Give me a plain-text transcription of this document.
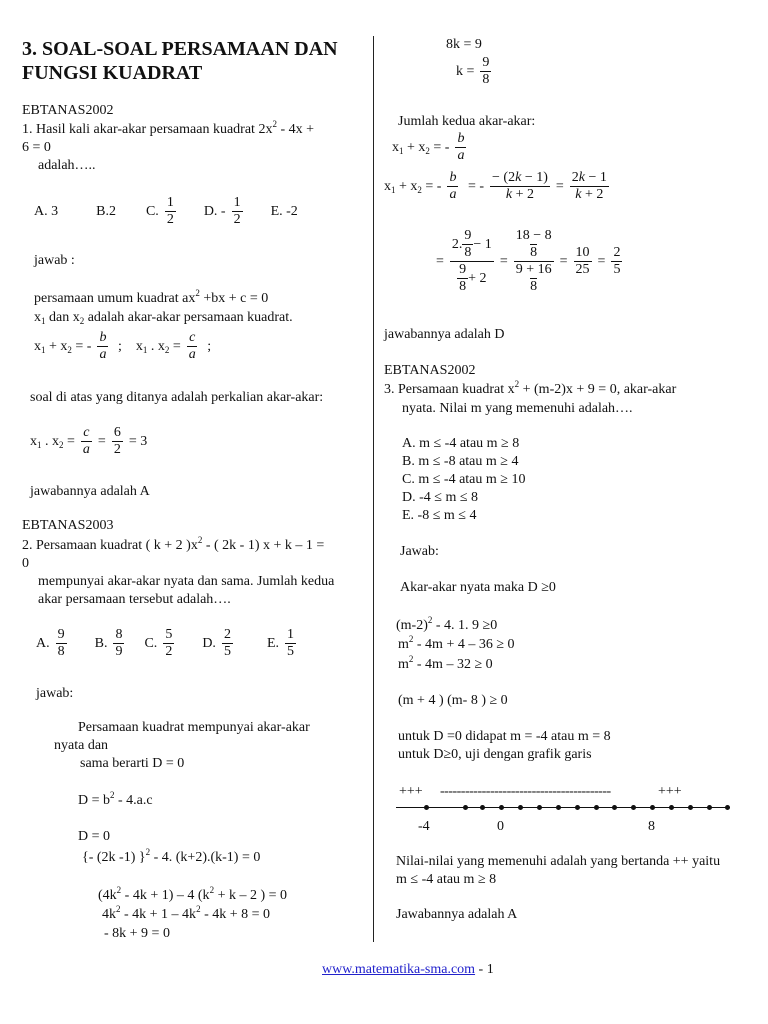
3. SOAL-SOAL PERSAMAAN DAN FUNGSI KUADRAT
EBTANAS2002
1. Hasil kali akar-akar persamaan kuadrat $2x^2 - 4x$ +
6 = 0
adalah…..
A. 3	B.2 C. $\frac{1}{2} D$. - $\frac{1}{2} E$. -2
jawab :
persamaan umum kuadrat $ax^2 +bx + c = 0$
$x_1$ dan $x_2$ adalah akar-akar persamaan kuadrat.
$x_1 + x_2$ = - $\frac{b}{a}$ ;    $x_1$ . $x_2 = \frac{c}{a}$ ;
soal di atas yang ditanya adalah perkalian akar-akar:
$x_1$ . $x_2 = \frac{c}{a} = \frac{6}{2} = 3$
jawabannya adalah A
EBTANAS2003
2. Persamaan kuadrat ( k + 2 )$x^2$ - ( 2k - 1) x + k – 1 =
0
mempunyai akar-akar nyata dan sama. Jumlah kedua
akar persamaan tersebut adalah….
A. $\frac{9}{8} B$. $\frac{8}{9} C$. $\frac{5}{2} D$. $\frac{2}{5} E$. $\frac{1}{5}$
jawab:
Persamaan kuadrat mempunyai akar-akar
nyata dan
sama berarti D = 0
$D = b^2 - 4.a.c$
D = 0
{- (2k -1) }$^2$ - 4. (k+2).(k-1) = 0
$(4k^2 - 4k + 1) - 4$ ($k^2 + k - 2$ ) = 0
$4k^2 - 4k + 1 - 4k^2 - 4k + 8 = 0$
- 8k + 9 = 0
8k = 9
$k = \frac{9}{8}$
Jumlah kedua akar-akar:
$x_1 + x_2$ = - $\frac{b}{a}$
$x_1 + x_2$ = - $\frac{b}{a}$ = - $\frac{- (2k - 1)}{k + 2} = \frac{2k - 1}{k + 2}$
= $\frac{2. \frac{9}{8} - 1}{\frac{9}{8} + 2} = 18 - 8$
8
9 + 16
$8 = \frac{10}{25} = \frac{2}{5}$
jawabannya adalah D
EBTANAS2002
3. Persamaan kuadrat $x^2 + (m-2)x + 9 = 0$, akar-akar
nyata. Nilai m yang memenuhi adalah….
A. m ≤ -4 atau m ≥ 8
B. m ≤ -8 atau m ≥ 4
C. m ≤ -4 atau m ≥ 10
D. -4 ≤ m ≤ 8
E. -8 ≤ m ≤ 4
Jawab:
Akar-akar nyata maka D ≥0
$(m-2)^2 - 4$. 1. 9 ≥0
$m^2 - 4m + 4 - 36 \ge 0$
$m^2 - 4m - 32 \ge 0$
(m + 4 ) (m- 8 ) ≥ 0
untuk D =0 didapat m = -4 atau m = 8
untuk D≥0, uji dengan grafik garis
+++ -----------------------------------------	+++
-4	0	8
Nilai-nilai yang memenuhi adalah yang bertanda ++ yaitu
m ≤ -4 atau m ≥ 8
Jawabannya adalah A
www.matematika-sma.com - 1
